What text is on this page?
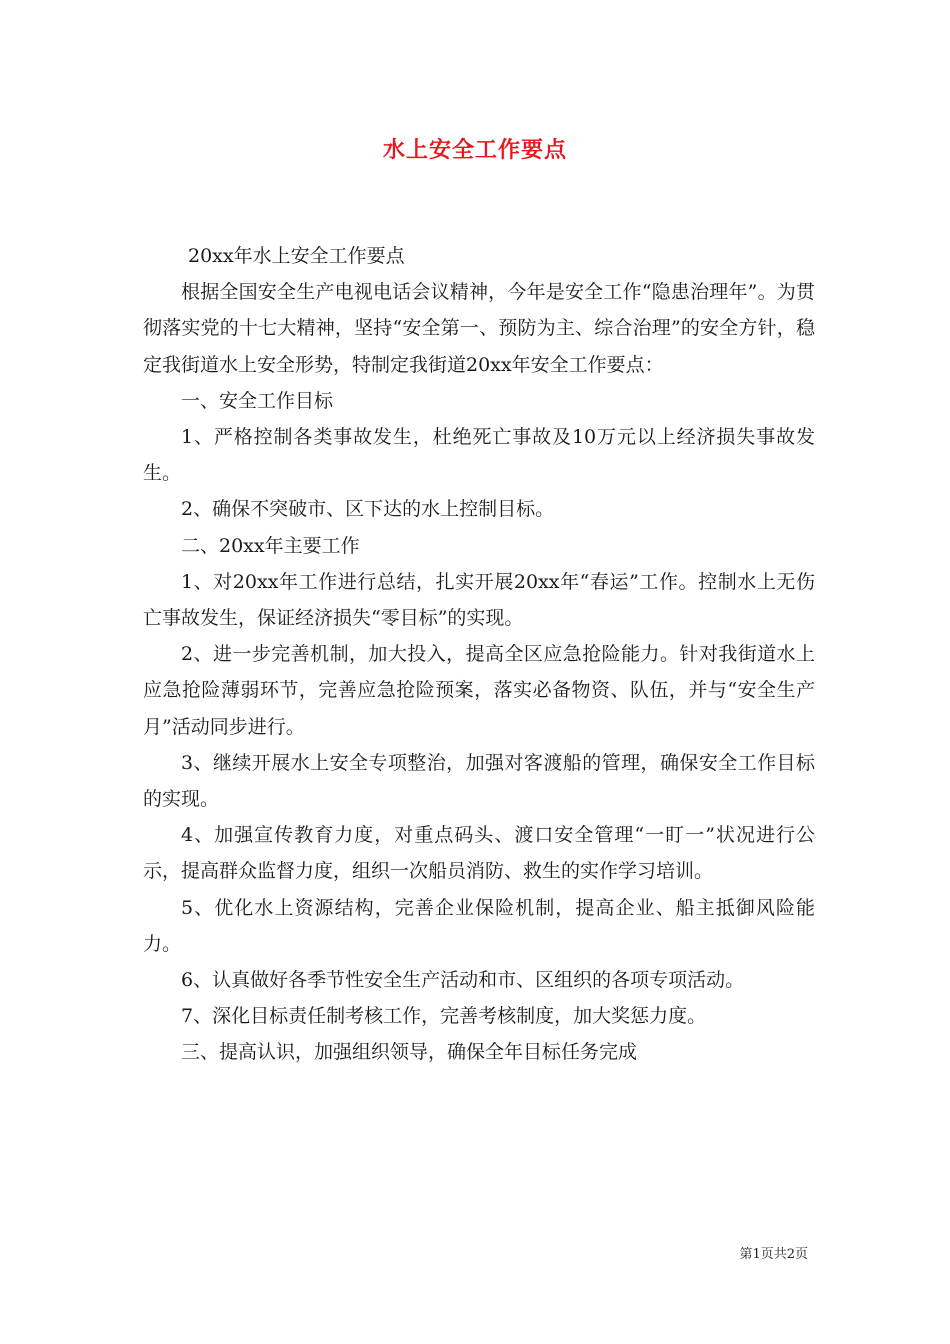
水上安全工作要点

20xx年水上安全工作要点

根据全国安全生产电视电话会议精神，今年是安全工作“隐患治理年”。为贯彻落实党的十七大精神，坚持“安全第一、预防为主、综合治理”的安全方针，稳定我街道水上安全形势，特制定我街道20xx年安全工作要点：

一、安全工作目标

1、严格控制各类事故发生，杜绝死亡事故及10万元以上经济损失事故发生。

2、确保不突破市、区下达的水上控制目标。

二、20xx年主要工作

1、对20xx年工作进行总结，扎实开展20xx年“春运”工作。控制水上无伤亡事故发生，保证经济损失“零目标”的实现。

2、进一步完善机制，加大投入，提高全区应急抢险能力。针对我街道水上应急抢险薄弱环节，完善应急抢险预案，落实必备物资、队伍，并与“安全生产月”活动同步进行。

3、继续开展水上安全专项整治，加强对客渡船的管理，确保安全工作目标的实现。

4、加强宣传教育力度，对重点码头、渡口安全管理“一盯一”状况进行公示，提高群众监督力度，组织一次船员消防、救生的实作学习培训。

5、优化水上资源结构，完善企业保险机制，提高企业、船主抵御风险能力。

6、认真做好各季节性安全生产活动和市、区组织的各项专项活动。

7、深化目标责任制考核工作，完善考核制度，加大奖惩力度。

三、提高认识，加强组织领导，确保全年目标任务完成

第1页共2页
